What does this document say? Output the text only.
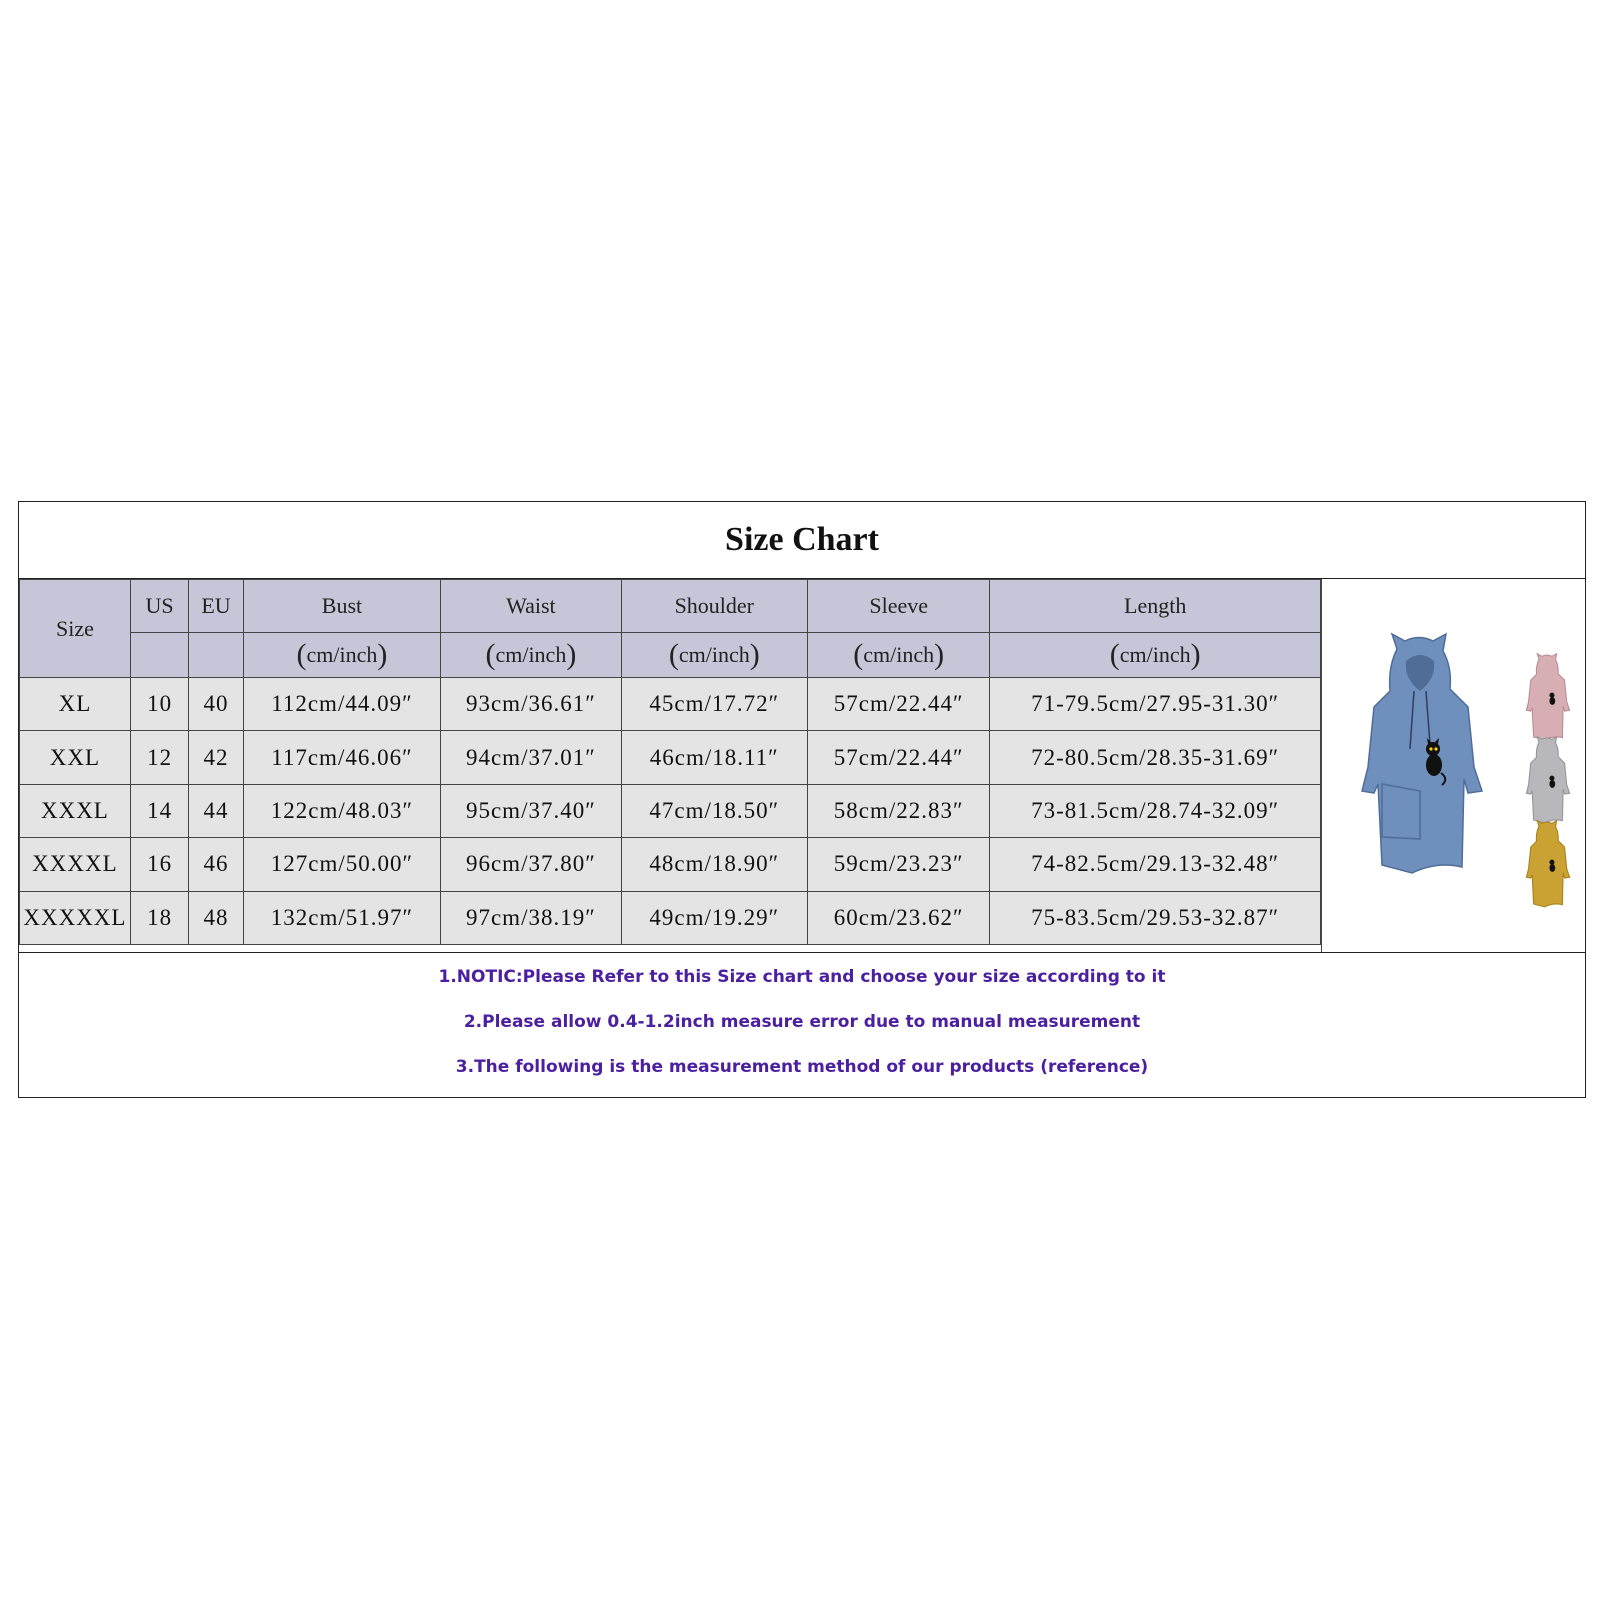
Size Chart
Size	US	EU	Bust	Waist	Shoulder	Sleeve	Length
			(cm/inch)	(cm/inch)	(cm/inch)	(cm/inch)	(cm/inch)
XL	10	40	112cm/44.09″	93cm/36.61″	45cm/17.72″	57cm/22.44″	71-79.5cm/27.95-31.30″
XXL	12	42	117cm/46.06″	94cm/37.01″	46cm/18.11″	57cm/22.44″	72-80.5cm/28.35-31.69″
XXXL	14	44	122cm/48.03″	95cm/37.40″	47cm/18.50″	58cm/22.83″	73-81.5cm/28.74-32.09″
XXXXL	16	46	127cm/50.00″	96cm/37.80″	48cm/18.90″	59cm/23.23″	74-82.5cm/29.13-32.48″
XXXXXL	18	48	132cm/51.97″	97cm/38.19″	49cm/19.29″	60cm/23.62″	75-83.5cm/29.53-32.87″
1.NOTIC:Please Refer to this Size chart and choose your size according to it
2.Please allow 0.4-1.2inch measure error due to manual measurement
3.The following is the measurement method of our products (reference)
